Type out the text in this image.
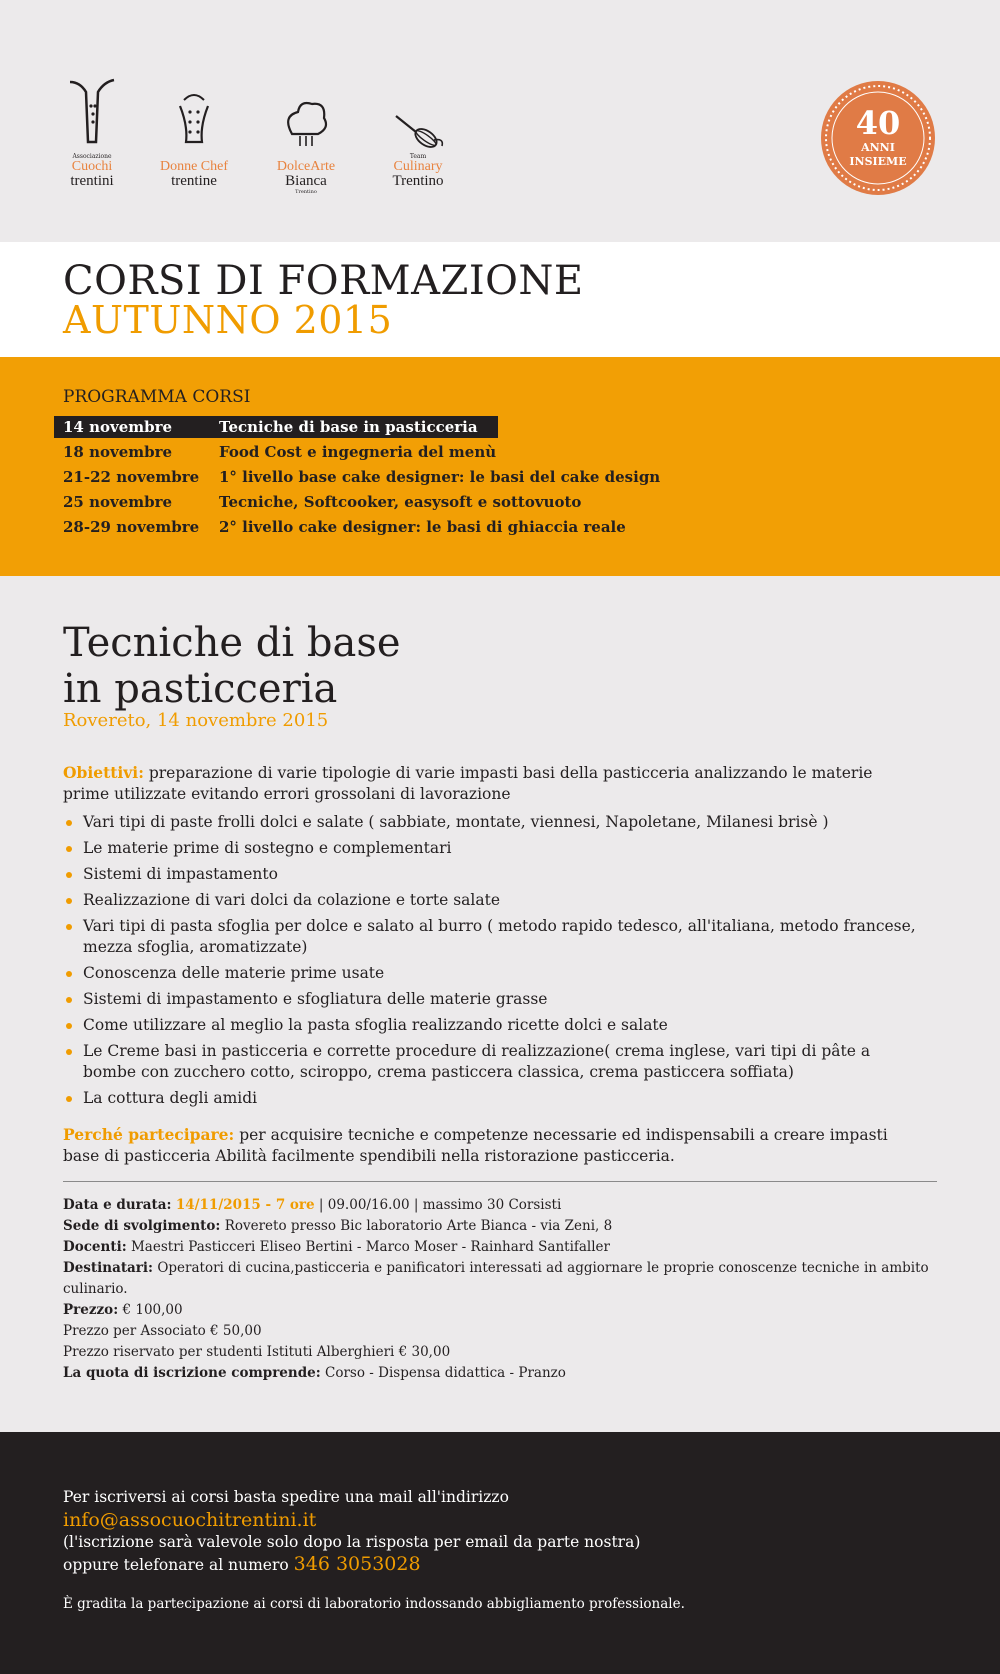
Associazione
Cuochi
trentini

Donne Chef
trentine

DolceArte
Bianca
Trentino
Team
Culinary
Trentino
40
ANNI
INSIEME
CORSI DI FORMAZIONE
AUTUNNO 2015
PROGRAMMA CORSI
14 novembre	Tecniche di base in pasticceria
18 novembre	Food Cost e ingegneria del menù
21-22 novembre	1° livello base cake designer: le basi del cake design
25 novembre	Tecniche, Softcooker, easysoft e sottovuoto
28-29 novembre	2° livello cake designer: le basi di ghiaccia reale
Tecniche di base
in pasticceria
Rovereto, 14 novembre 2015
Obiettivi: preparazione di varie tipologie di varie impasti basi della pasticceria analizzando le materie prime utilizzate evitando errori grossolani di lavorazione
Vari tipi di paste frolli dolci e salate ( sabbiate, montate, viennesi, Napoletane, Milanesi brisè )
Le materie prime di sostegno e complementari
Sistemi di impastamento
Realizzazione di vari dolci da colazione e torte salate
Vari tipi di pasta sfoglia per dolce e salato al burro ( metodo rapido tedesco, all'italiana, metodo francese, mezza sfoglia, aromatizzate)
Conoscenza delle materie prime usate
Sistemi di impastamento e sfogliatura delle materie grasse
Come utilizzare al meglio la pasta sfoglia realizzando ricette dolci e salate
Le Creme basi in pasticceria e corrette procedure di realizzazione( crema inglese, vari tipi di pâte a bombe con zucchero cotto, sciroppo, crema pasticcera classica, crema pasticcera soffiata)
La cottura degli amidi
Perché partecipare: per acquisire tecniche e competenze necessarie ed indispensabili a creare impasti base di pasticceria Abilità facilmente spendibili nella ristorazione pasticceria.

Data e durata: 14/11/2015 - 7 ore | 09.00/16.00 | massimo 30 Corsisti

Sede di svolgimento: Rovereto presso Bic laboratorio Arte Bianca - via Zeni, 8

Docenti: Maestri Pasticceri Eliseo Bertini - Marco Moser - Rainhard Santifaller

Destinatari: Operatori di cucina,pasticceria e panificatori interessati ad aggiornare le proprie conoscenze tecniche in ambito culinario.

Prezzo: € 100,00

Prezzo per Associato € 50,00

Prezzo riservato per studenti Istituti Alberghieri € 30,00

La quota di iscrizione comprende: Corso - Dispensa didattica - Pranzo

Per iscriversi ai corsi basta spedire una mail all'indirizzo
info@assocuochitrentini.it
(l'iscrizione sarà valevole solo dopo la risposta per email da parte nostra)
oppure telefonare al numero 346 3053028
È gradita la partecipazione ai corsi di laboratorio indossando abbigliamento professionale.
